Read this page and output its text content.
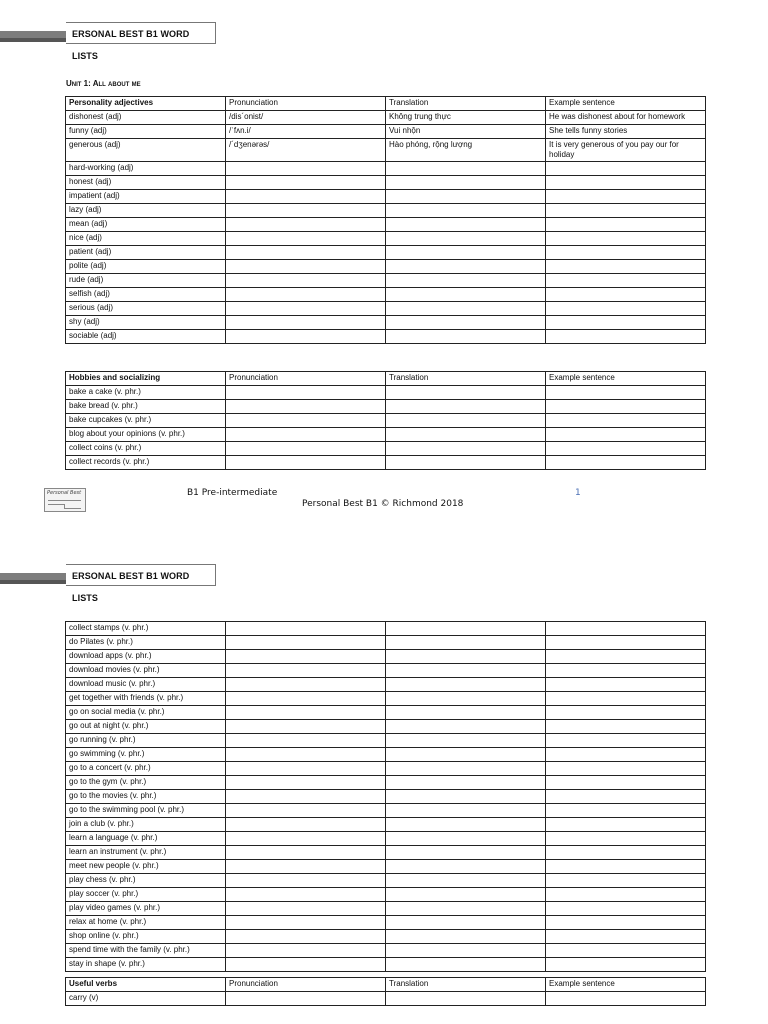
ERSONAL BEST B1 WORD LISTS
Unit 1: All about me
Personality adjectives	Pronunciation	Translation	Example sentence
dishonest (adj)	/dis´onist/	Không trung thực	He was dishonest about for homework
funny (adj)	/ˈfʌn.i/	Vui nhộn	She tells funny stories
generous (adj)	/´dʒenərəs/	Hào phóng, rộng lượng	It is very generous of you pay our for holiday
hard-working (adj)			
honest (adj)			
impatient (adj)			
lazy (adj)			
mean (adj)			
nice (adj)			
patient (adj)			
polite (adj)			
rude (adj)			
selfish (adj)			
serious (adj)			
shy (adj)			
sociable (adj)			
Hobbies and socializing	Pronunciation	Translation	Example sentence
bake a cake (v. phr.)			
bake bread (v. phr.)			
bake cupcakes (v. phr.)			
blog about your opinions (v. phr.)			
collect coins (v. phr.)			
collect records (v. phr.)			
Personal Best	B1 Pre-intermediate
Personal Best B1 © Richmond 2018
1
ERSONAL BEST B1 WORD LISTS
collect stamps (v. phr.)			
do Pilates (v. phr.)			
download apps (v. phr.)			
download movies (v. phr.)			
download music (v. phr.)			
get together with friends (v. phr.)			
go on social media (v. phr.)			
go out at night (v. phr.)			
go running (v. phr.)			
go swimming (v. phr.)			
go to a concert (v. phr.)			
go to the gym (v. phr.)			
go to the movies (v. phr.)			
go to the swimming pool (v. phr.)			
join a club (v. phr.)			
learn a language (v. phr.)			
learn an instrument (v. phr.)			
meet new people (v. phr.)			
play chess (v. phr.)			
play soccer (v. phr.)			
play video games (v. phr.)			
relax at home (v. phr.)			
shop online (v. phr.)			
spend time with the family (v. phr.)			
stay in shape (v. phr.)			
Useful verbs	Pronunciation	Translation	Example sentence
carry (v)			
